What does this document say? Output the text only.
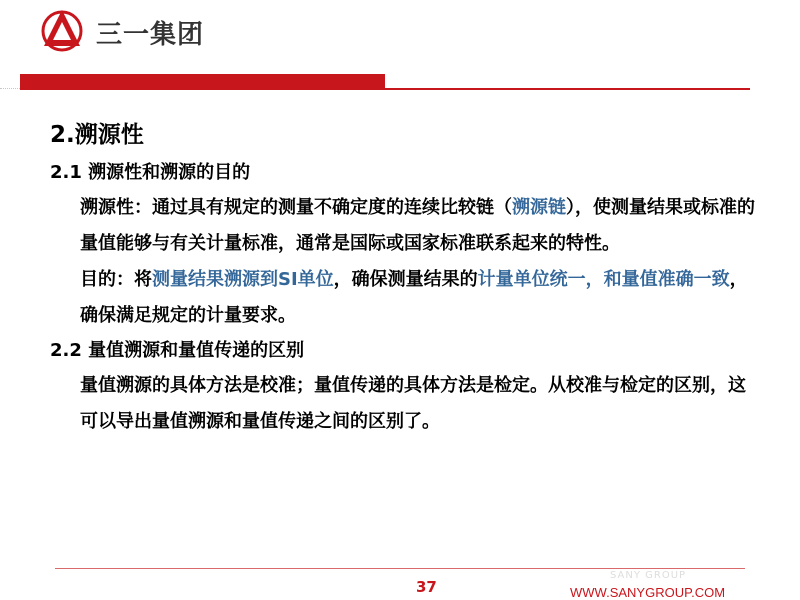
三一集团
2.溯源性
2.1 溯源性和溯源的目的
溯源性：通过具有规定的测量不确定度的连续比较链（溯源链），使测量结果或标准的量值能够与有关计量标准，通常是国际或国家标准联系起来的特性。
目的：将测量结果溯源到SI单位，确保测量结果的计量单位统一，和量值准确一致，确保满足规定的计量要求。
2.2 量值溯源和量值传递的区别
量值溯源的具体方法是校准；量值传递的具体方法是检定。从校准与检定的区别，这可以导出量值溯源和量值传递之间的区别了。
37
SANY GROUP
WWW.SANYGROUP.COM
